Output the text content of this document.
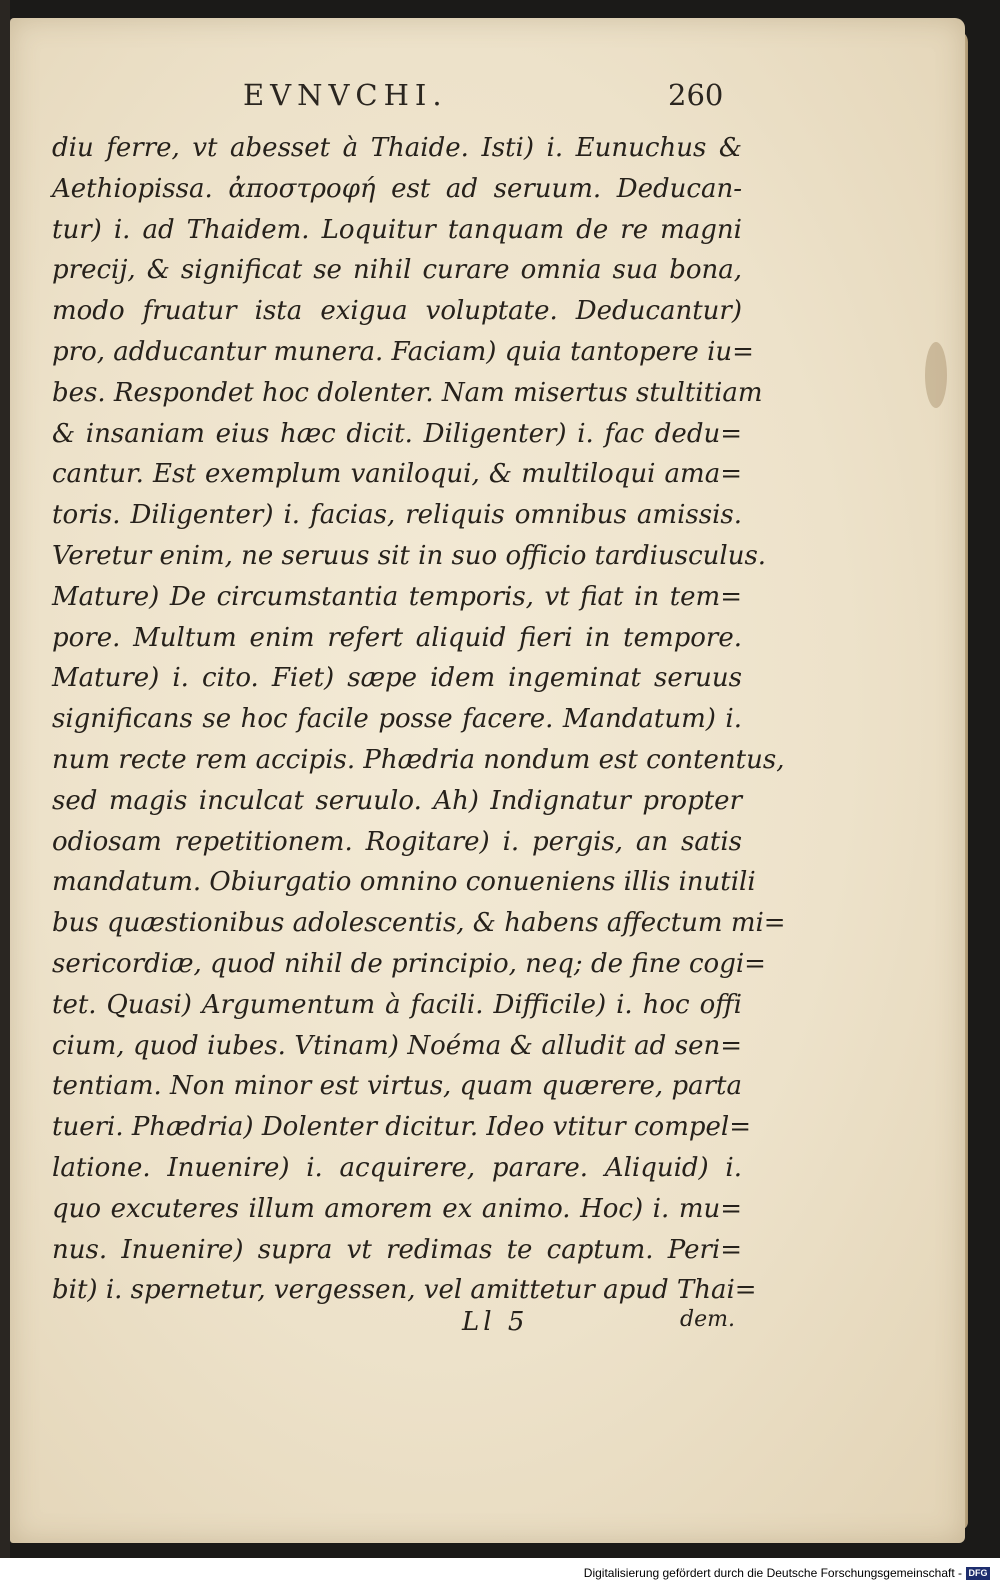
EVNVCHI.	260
diu ferre, vt abesset à Thaide. Isti) i. Eunuchus &
Aethiopissa. ἀποστροφή est ad seruum. Deducan-
tur) i. ad Thaidem. Loquitur tanquam de re magni
precij, & significat se nihil curare omnia sua bona,
modo fruatur ista exigua voluptate. Deducantur)
pro, adducantur munera. Faciam) quia tantopere iu=
bes. Respondet hoc dolenter. Nam misertus stultitiam
& insaniam eius hæc dicit. Diligenter) i. fac dedu=
cantur. Est exemplum vaniloqui, & multiloqui ama=
toris. Diligenter) i. facias, reliquis omnibus amissis.
Veretur enim, ne seruus sit in suo officio tardiusculus.
Mature) De circumstantia temporis, vt fiat in tem=
pore. Multum enim refert aliquid fieri in tempore.
Mature) i. cito. Fiet) sæpe idem ingeminat seruus
significans se hoc facile posse facere. Mandatum) i.
num recte rem accipis. Phædria nondum est contentus,
sed magis inculcat seruulo. Ah) Indignatur propter
odiosam repetitionem. Rogitare) i. pergis, an satis
mandatum. Obiurgatio omnino conueniens illis inutili
bus quæstionibus adolescentis, & habens affectum mi=
sericordiæ, quod nihil de principio, neq; de fine cogi=
tet. Quasi) Argumentum à facili. Difficile) i. hoc offi
cium, quod iubes. Vtinam) Noéma & alludit ad sen=
tentiam. Non minor est virtus, quam quærere, parta
tueri. Phædria) Dolenter dicitur. Ideo vtitur compel=
latione. Inuenire) i. acquirere, parare. Aliquid) i.
quo excuteres illum amorem ex animo. Hoc) i. mu=
nus. Inuenire) supra vt redimas te captum. Peri=
bit) i. spernetur, vergessen, vel amittetur apud Thai=
Ll 5	dem.
Digitalisierung gefördert durch die Deutsche Forschungsgemeinschaft - DFG
